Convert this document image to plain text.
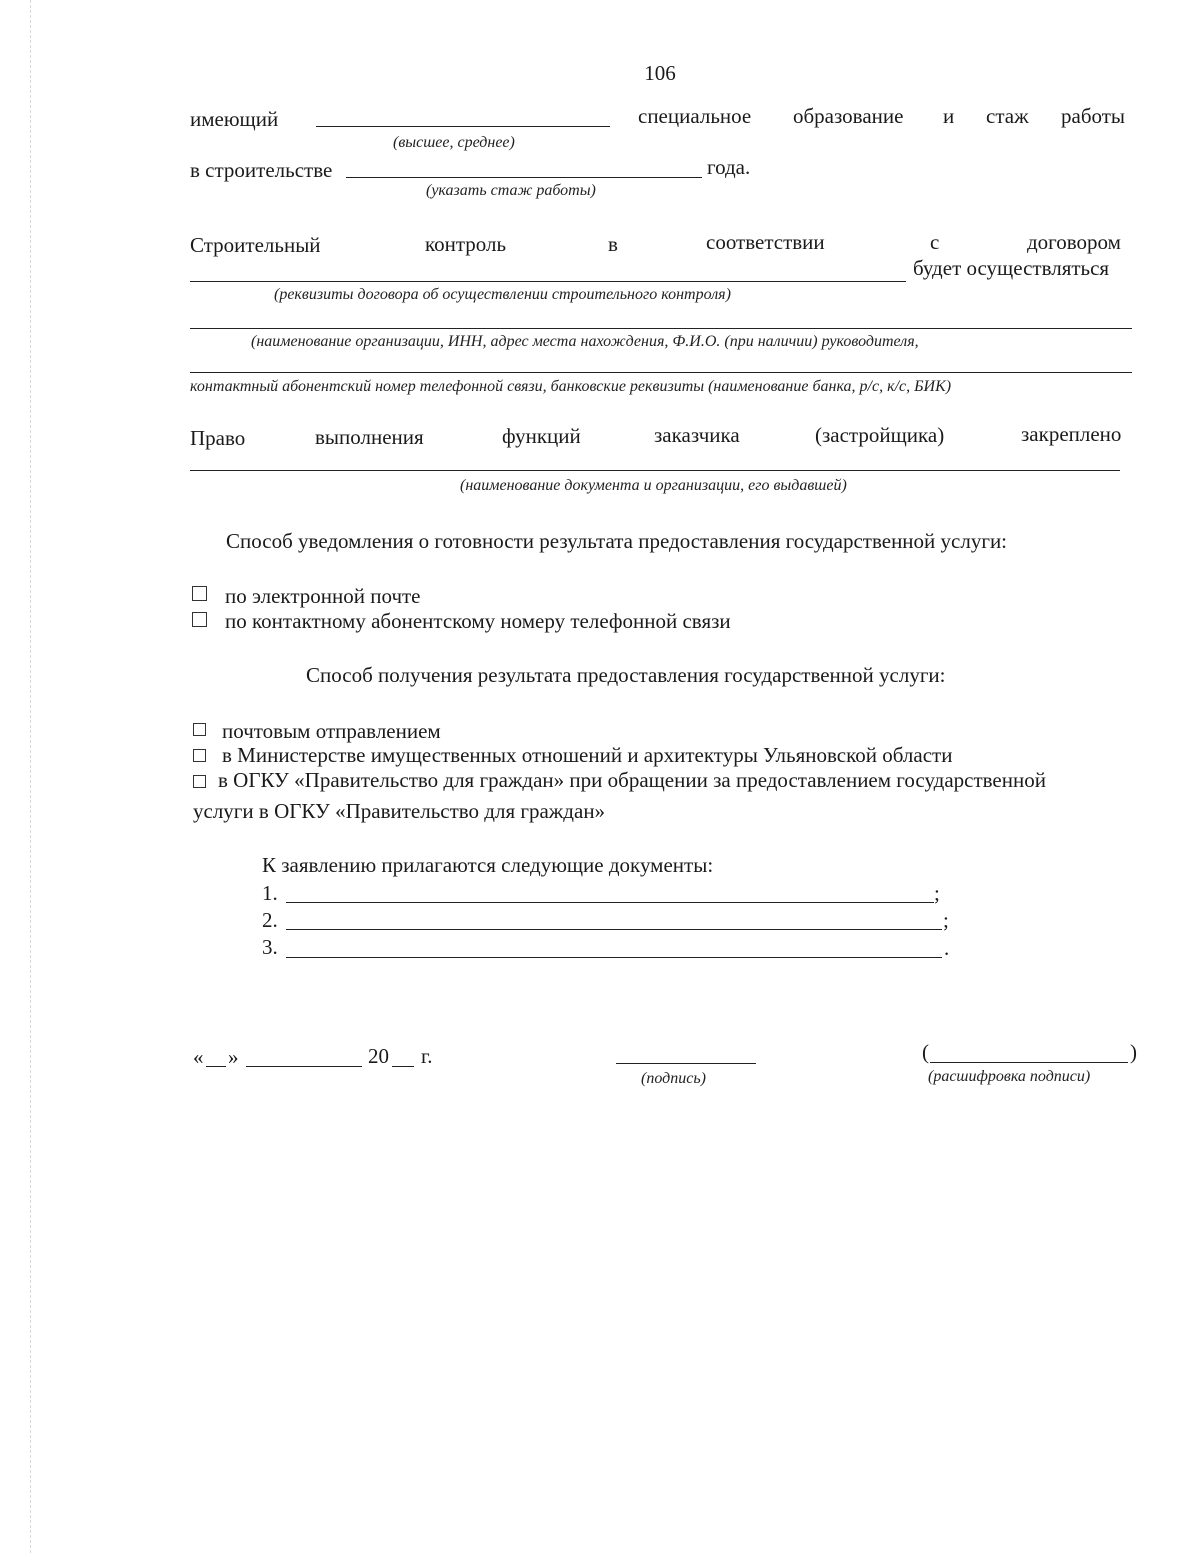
106
имеющий	специальное образование и стаж работы
(высшее, среднее)
в строительстве	года.
(указать стаж работы)
Строительный	контроль	в	соответствии	с	договором
будет осуществляться
(реквизиты договора об осуществлении строительного контроля)
(наименование организации, ИНН, адрес места нахождения, Ф.И.О. (при наличии) руководителя,
контактный абонентский номер телефонной связи, банковские реквизиты (наименование банка, р/с, к/с, БИК)
Право	выполнения	функций	заказчика	(застройщика)	закреплено
(наименование документа и организации, его выдавшей)
Способ уведомления о готовности результата предоставления государственной услуги:
по электронной почте
по контактному абонентскому номеру телефонной связи
Способ получения результата предоставления государственной услуги:
почтовым отправлением
в Министерстве имущественных отношений и архитектуры Ульяновской области
в ОГКУ «Правительство для граждан» при обращении за предоставлением государственной
услуги в ОГКУ «Правительство для граждан»
К заявлению прилагаются следующие документы:
1.	;
2.	;
3.	.
« »	20 г.
(подпись)
(	)
(расшифровка подписи)
